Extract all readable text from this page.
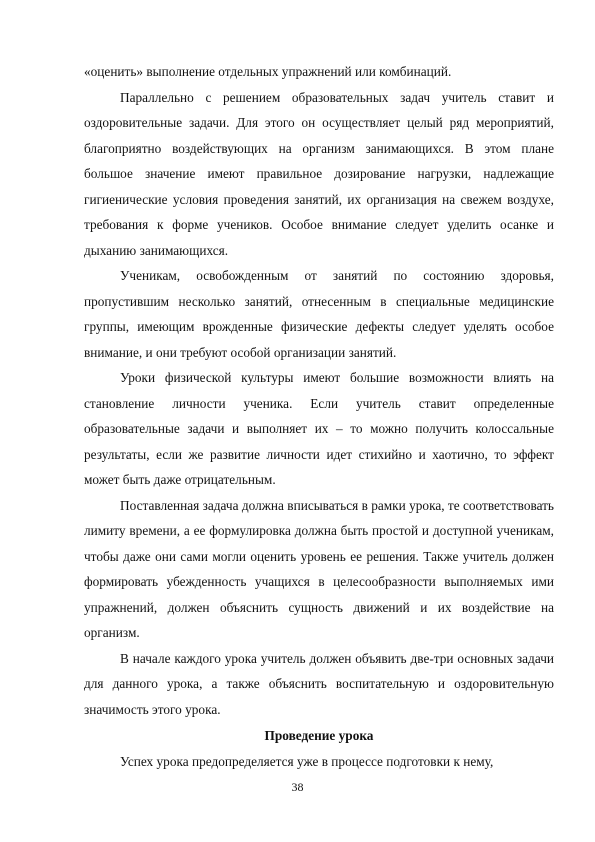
«оценить» выполнение отдельных упражнений или комбинаций.

Параллельно с решением образовательных задач учитель ставит и оздоровительные задачи. Для этого он осуществляет целый ряд мероприятий, благоприятно воздействующих на организм занимающихся. В этом плане большое значение имеют правильное дозирование нагрузки, надлежащие гигиенические условия проведения занятий, их организация на свежем воздухе, требования к форме учеников. Особое внимание следует уделить осанке и дыханию занимающихся.

Ученикам, освобожденным от занятий по состоянию здоровья, пропустившим несколько занятий, отнесенным в специальные медицинские группы, имеющим врожденные физические дефекты следует уделять особое внимание, и они требуют особой организации занятий.

Уроки физической культуры имеют большие возможности влиять на становление личности ученика. Если учитель ставит определенные образовательные задачи и выполняет их – то можно получить колоссальные результаты, если же развитие личности идет стихийно и хаотично, то эффект может быть даже отрицательным.

Поставленная задача должна вписываться в рамки урока, те соответствовать лимиту времени, а ее формулировка должна быть простой и доступной ученикам, чтобы даже они сами могли оценить уровень ее решения. Также учитель должен формировать убежденность учащихся в целесообразности выполняемых ими упражнений, должен объяснить сущность движений и их воздействие на организм.

В начале каждого урока учитель должен объявить две-три основных задачи для данного урока, а также объяснить воспитательную и оздоровительную значимость этого урока.

Проведение урока

Успех урока предопределяется уже в процессе подготовки к нему,

38
